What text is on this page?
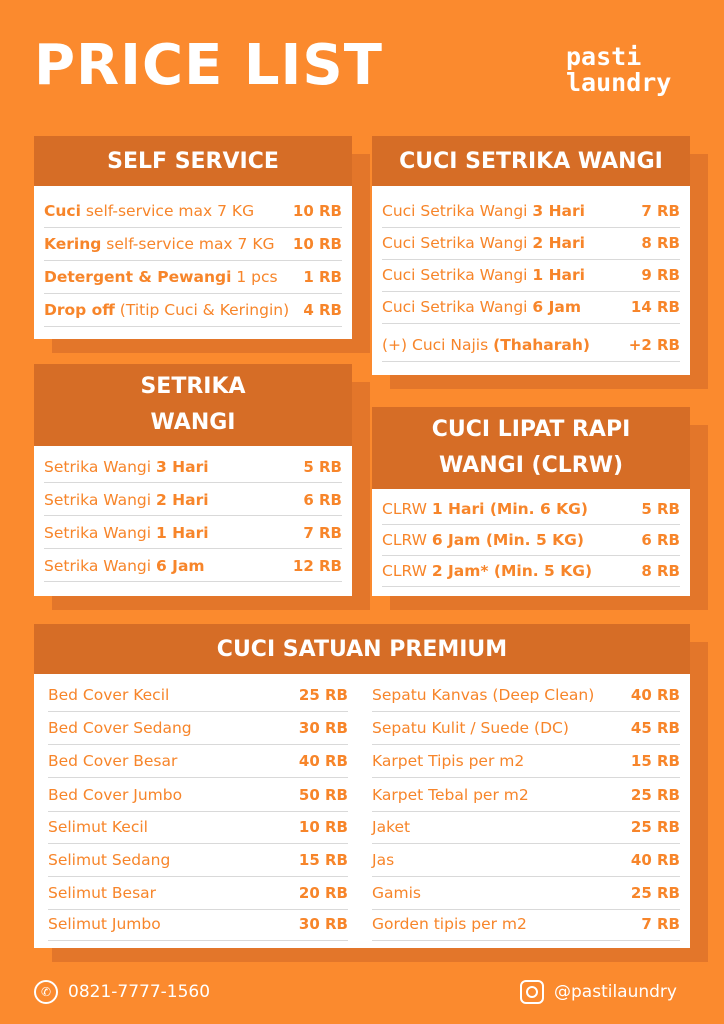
PRICE LIST	pasti
laundry
SELF SERVICE
Cuci self-service max 7 KG	10 RB
Kering self-service max 7 KG 10 RB
Detergent & Pewangi 1 pcs 1 RB
Drop off (Titip Cuci & Keringin) 4 RB
CUCI SETRIKA WANGI
Cuci Setrika Wangi 3 Hari	7 RB
Cuci Setrika Wangi 2 Hari	8 RB
Cuci Setrika Wangi 1 Hari	9 RB
Cuci Setrika Wangi 6 Jam	14 RB
(+) Cuci Najis (Thaharah)	+2 RB
SETRIKA
WANGI
Setrika Wangi 3 Hari	5 RB
Setrika Wangi 2 Hari	6 RB
Setrika Wangi 1 Hari	7 RB
Setrika Wangi 6 Jam	12 RB
CUCI LIPAT RAPI
WANGI (CLRW)
CLRW 1 Hari (Min. 6 KG)	5 RB
CLRW 6 Jam (Min. 5 KG)	6 RB
CLRW 2 Jam* (Min. 5 KG)	8 RB
CUCI SATUAN PREMIUM
Bed Cover Kecil	25 RB
Bed Cover Sedang	30 RB
Bed Cover Besar	40 RB
Bed Cover Jumbo	50 RB
Selimut Kecil	10 RB
Selimut Sedang	15 RB
Selimut Besar	20 RB
Selimut Jumbo	30 RB
Sepatu Kanvas (Deep Clean) 40 RB
Sepatu Kulit / Suede (DC)	45 RB
Karpet Tipis per m2	15 RB
Karpet Tebal per m2	25 RB
Jaket	25 RB
Jas	40 RB
Gamis	25 RB
Gorden tipis per m2	7 RB
✆ 0821-7777-1560	@pastilaundry
